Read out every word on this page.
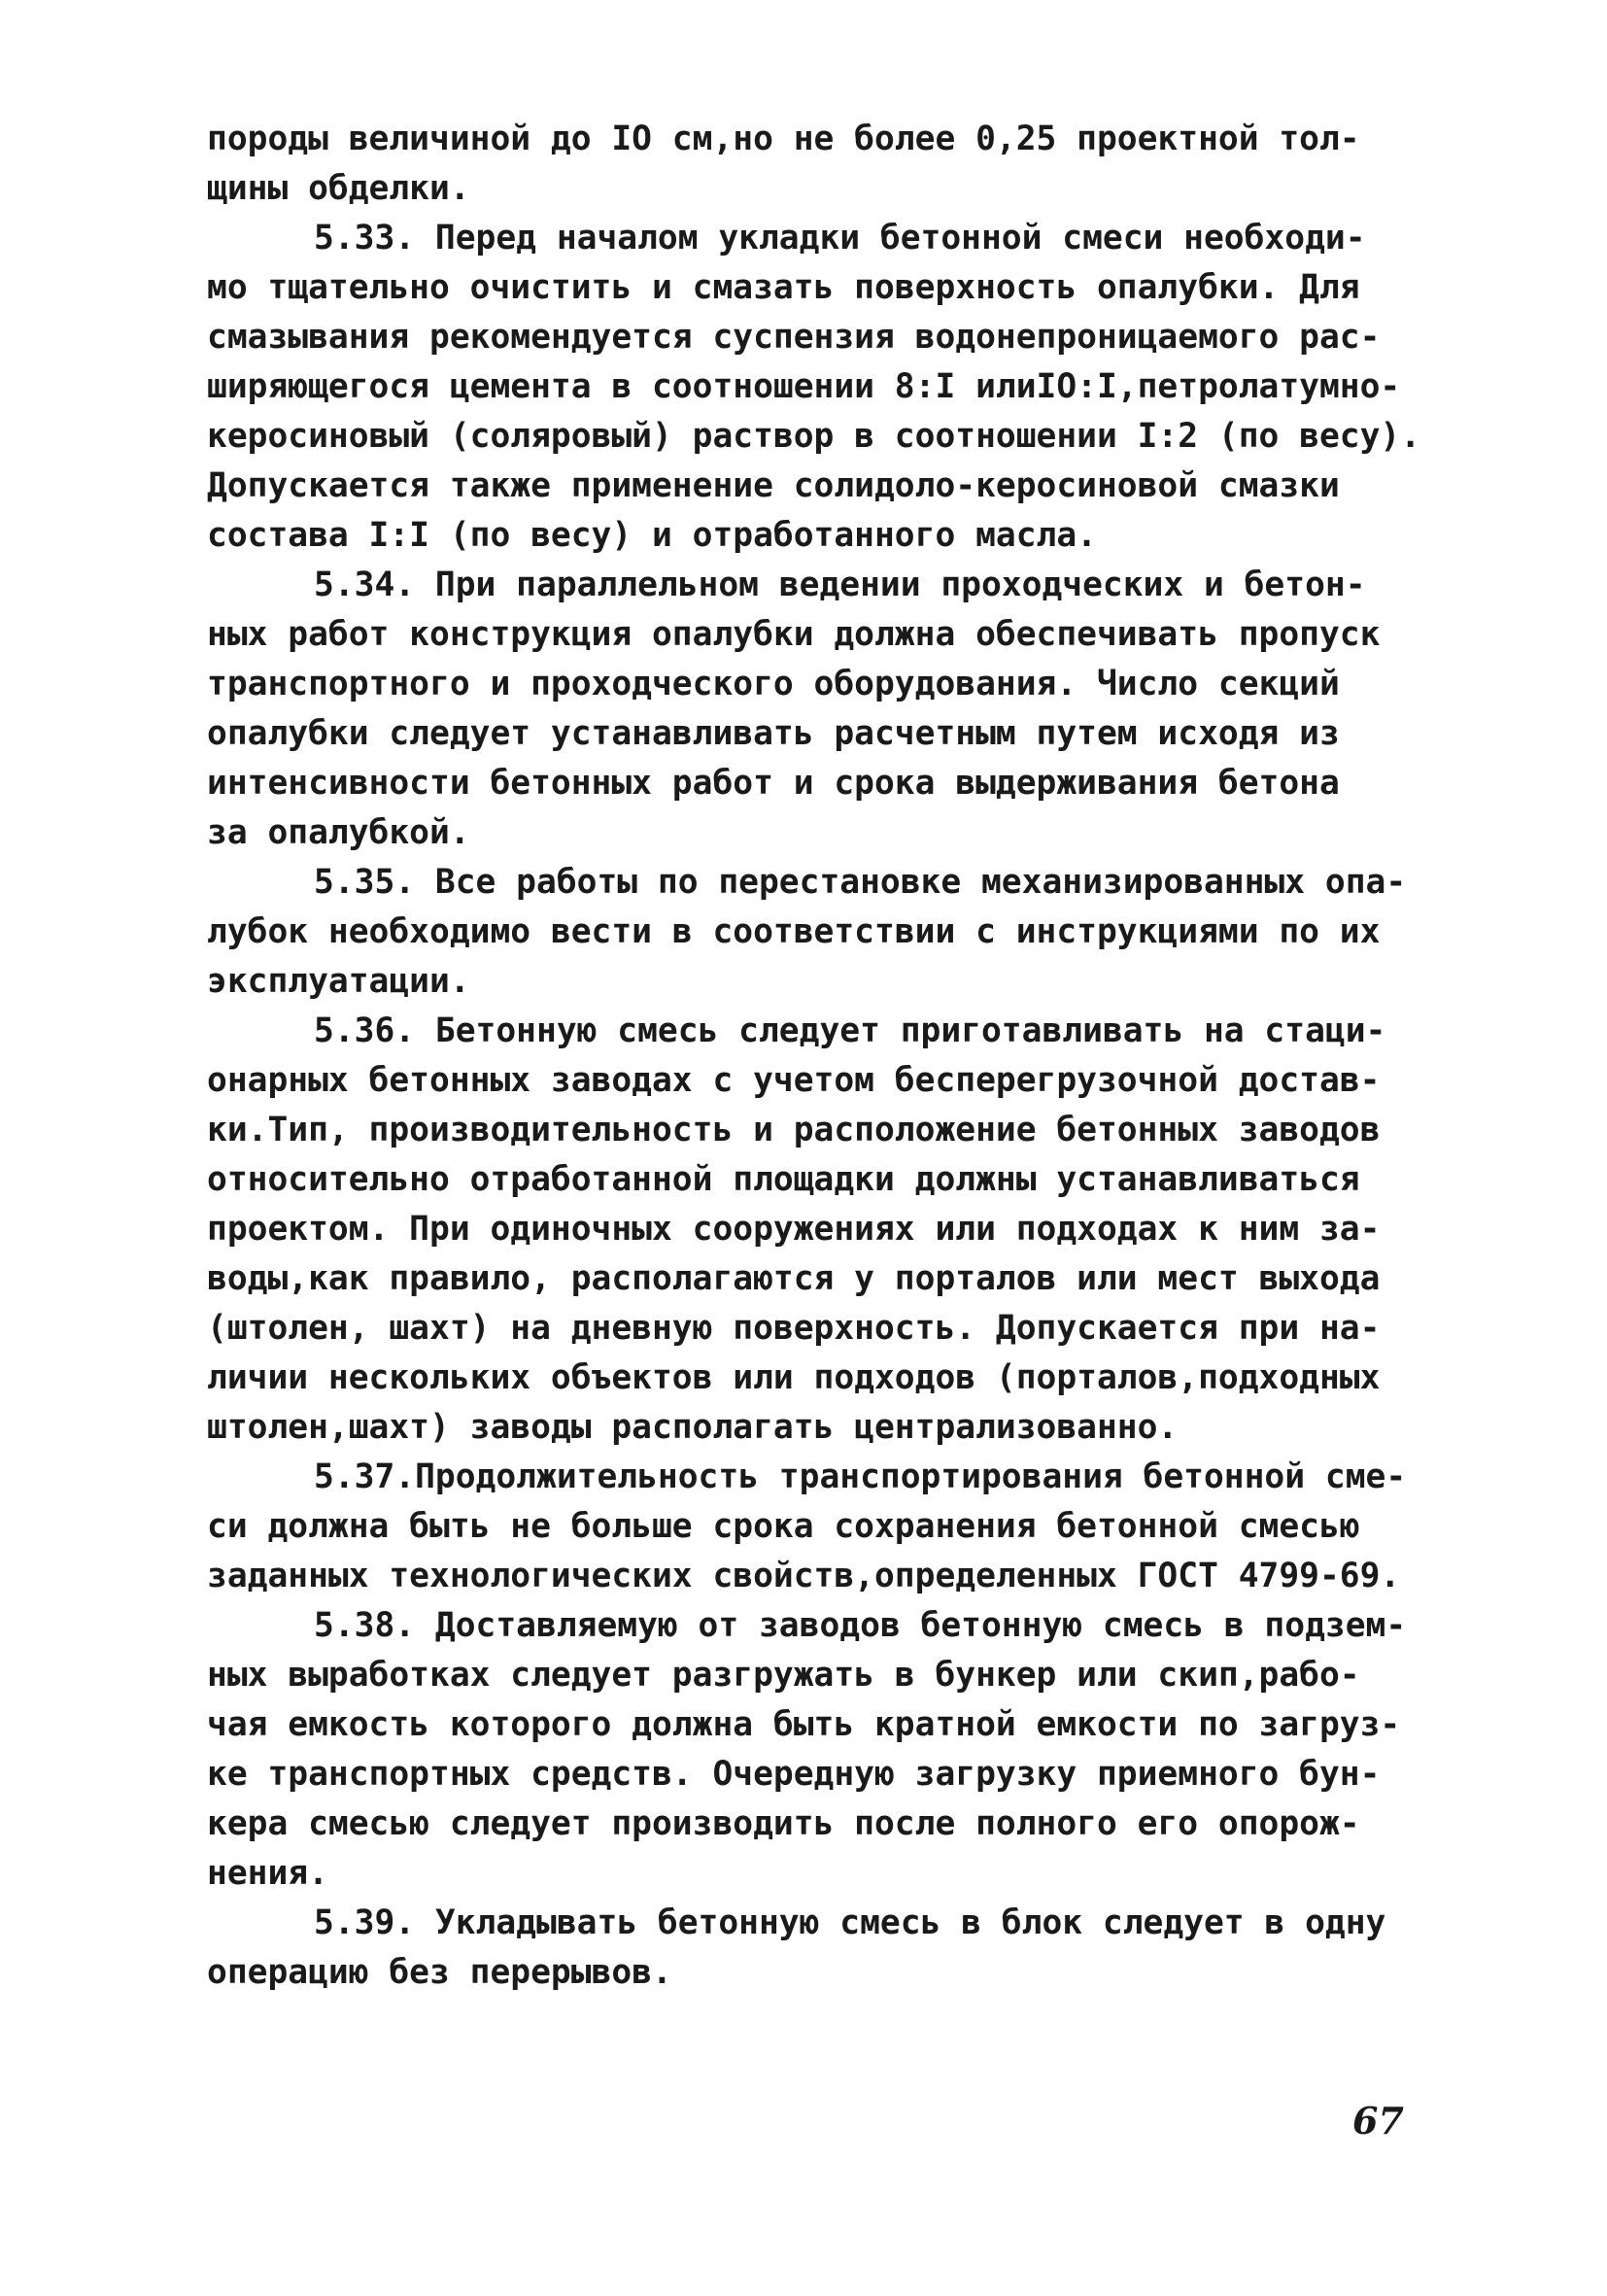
породы величиной до IO см,но не более 0,25 проектной тол-
щины обделки.
5.33. Перед началом укладки бетонной смеси необходи-
мо тщательно очистить и смазать поверхность опалубки. Для
смазывания рекомендуется суспензия водонепроницаемого рас-
ширяющегося цемента в соотношении 8:I илиIO:I,петролатумно-
керосиновый (соляровый) раствор в соотношении I:2 (по весу).
Допускается также применение солидоло-керосиновой смазки
состава I:I (по весу) и отработанного масла.
5.34. При параллельном ведении проходческих и бетон-
ных работ конструкция опалубки должна обеспечивать пропуск
транспортного и проходческого оборудования. Число секций
опалубки следует устанавливать расчетным путем исходя из
интенсивности бетонных работ и срока выдерживания бетона
за опалубкой.
5.35. Все работы по перестановке механизированных опа-
лубок необходимо вести в соответствии с инструкциями по их
эксплуатации.
5.36. Бетонную смесь следует приготавливать на стаци-
онарных бетонных заводах с учетом бесперегрузочной достав-
ки.Тип, производительность и расположение бетонных заводов
относительно отработанной площадки должны устанавливаться
проектом. При одиночных сооружениях или подходах к ним за-
воды,как правило, располагаются у порталов или мест выхода
(штолен, шахт) на дневную поверхность. Допускается при на-
личии нескольких объектов или подходов (порталов,подходных
штолен,шахт) заводы располагать централизованно.
5.37.Продолжительность транспортирования бетонной сме-
си должна быть не больше срока сохранения бетонной смесью
заданных технологических свойств,определенных ГОСТ 4799-69.
5.38. Доставляемую от заводов бетонную смесь в подзем-
ных выработках следует разгружать в бункер или скип,рабо-
чая емкость которого должна быть кратной емкости по загруз-
ке транспортных средств. Очередную загрузку приемного бун-
кера смесью следует производить после полного его опорож-
нения.
5.39. Укладывать бетонную смесь в блок следует в одну
операцию без перерывов.
67
